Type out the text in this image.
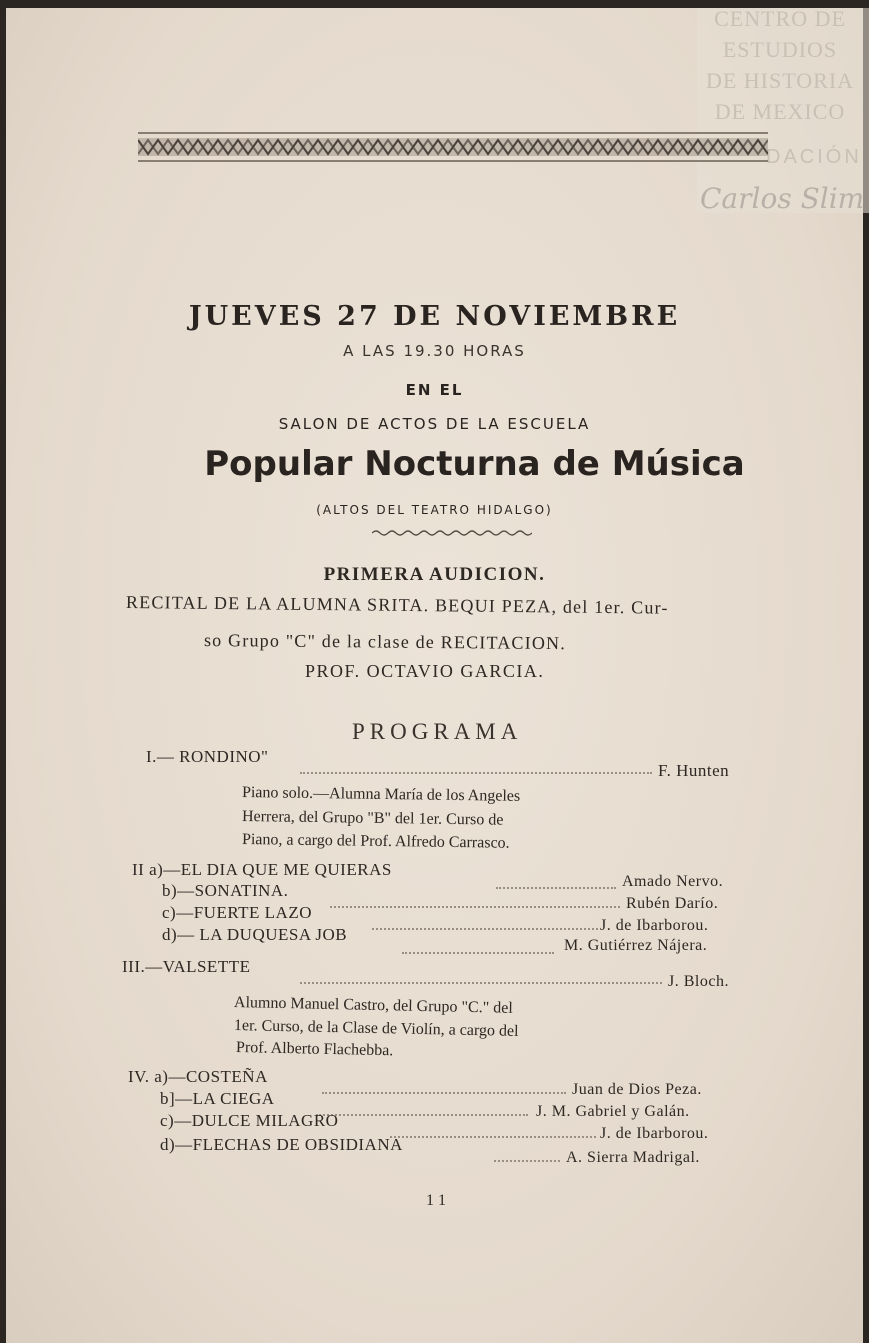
CENTRO DE
ESTUDIOS
DE HISTORIA
DE MEXICO
DACIÓN
Carlos Slim
JUEVES 27 DE NOVIEMBRE
A LAS 19.30 HORAS
EN EL
SALON DE ACTOS DE LA ESCUELA
Popular Nocturna de Música
(ALTOS DEL TEATRO HIDALGO)
PRIMERA AUDICION.
RECITAL DE LA ALUMNA SRITA. BEQUI PEZA, del 1er. Cur-
so Grupo "C" de la clase de RECITACION.
PROF. OCTAVIO GARCIA.
PROGRAMA
I.— RONDINO"
F. Hunten
Piano solo.—Alumna María de los Angeles
Herrera, del Grupo "B" del 1er. Curso de
Piano, a cargo del Prof. Alfredo Carrasco.
II a)—EL DIA QUE ME QUIERAS
Amado Nervo.
b)—SONATINA.
Rubén Darío.
c)—FUERTE LAZO
J. de Ibarborou.
d)— LA DUQUESA JOB
M. Gutiérrez Nájera.
III.—VALSETTE
J. Bloch.
Alumno Manuel Castro, del Grupo "C." del
1er. Curso, de la Clase de Violín, a cargo del
Prof. Alberto Flachebba.
IV. a)—COSTEÑA
Juan de Dios Peza.
b]—LA CIEGA
J. M. Gabriel y Galán.
c)—DULCE MILAGRO
J. de Ibarborou.
d)—FLECHAS DE OBSIDIANA
A. Sierra Madrigal.
1 1
